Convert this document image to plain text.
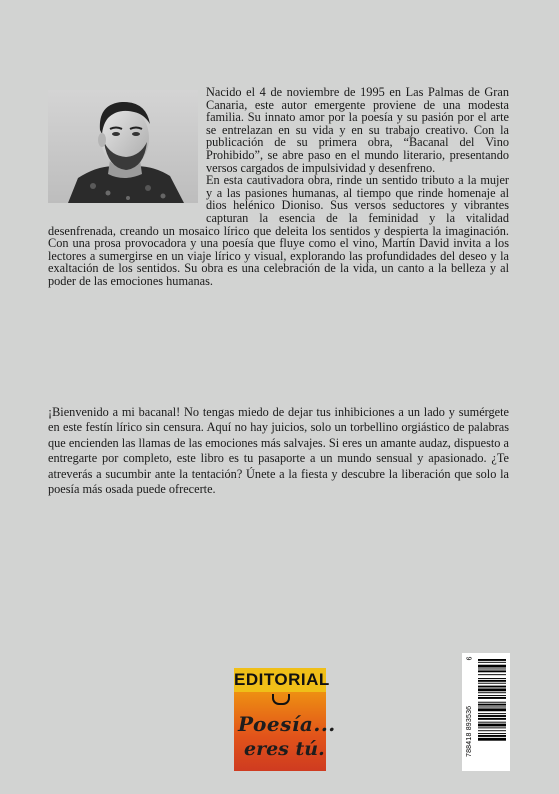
Nacido el 4 de noviembre de 1995 en Las Palmas de Gran Canaria, este autor emergente proviene de una modesta familia. Su innato amor por la poesía y su pasión por el arte se entrelazan en su vida y en su trabajo creativo. Con la publicación de su primera obra, “Bacanal del Vino Prohibido”, se abre paso en el mundo literario, presentando versos cargados de impulsividad y desenfreno.

En esta cautivadora obra, rinde un sentido tributo a la mujer y a las pasiones humanas, al tiempo que rinde homenaje al dios helénico Dioniso. Sus versos seductores y vibrantes capturan la esencia de la feminidad y la vitalidad desenfrenada, creando un mosaico lírico que deleita los sentidos y despierta la imaginación. Con una prosa provocadora y una poesía que fluye como el vino, Martín David invita a los lectores a sumergirse en un viaje lírico y visual, explorando las profundidades del deseo y la exaltación de los sentidos. Su obra es una celebración de la vida, un canto a la belleza y al poder de las emociones humanas.

¡Bienvenido a mi bacanal! No tengas miedo de dejar tus inhibiciones a un lado y sumérgete en este festín lírico sin censura. Aquí no hay juicios, solo un torbellino orgiástico de palabras que encienden las llamas de las emociones más salvajes. Si eres un amante audaz, dispuesto a entregarte por completo, este libro es tu pasaporte a un mundo sensual y apasionado. ¿Te atreverás a sucumbir ante la tentación? Únete a la fiesta y descubre la liberación que solo la poesía más osada puede ofrecerte.

EDITORIAL
Poesía...
eres tú.
9
788418 893536
